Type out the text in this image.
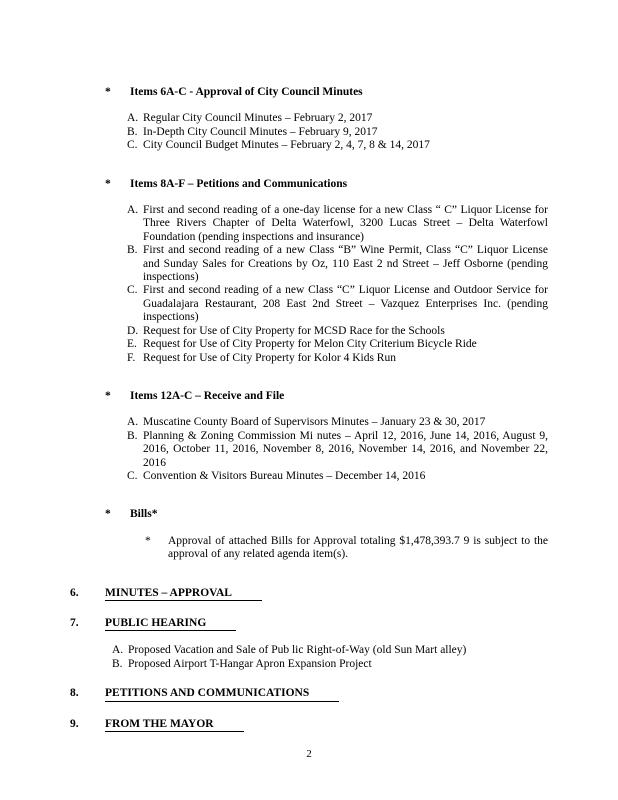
*	Items 6A-C - Approval of City Council Minutes
A. Regular City Council Minutes – February 2, 2017
B. In-Depth City Council Minutes – February 9, 2017
C. City Council Budget Minutes – February 2, 4, 7, 8 & 14, 2017
*	Items 8A-F – Petitions and Communications
A. First and second reading of a one-day license for a new Class “ C” Liquor License for Three Rivers Chapter of Delta Waterfowl, 3200 Lucas Street – Delta Waterfowl Foundation (pending inspections and insurance)
B. First and second reading of a new Class “B” Wine Permit, Class “C” Liquor License and Sunday Sales for Creations by Oz, 110 East 2 nd Street – Jeff Osborne (pending inspections)
C. First and second reading of a new Class “C” Liquor License and Outdoor Service for Guadalajara Restaurant, 208 East 2nd Street – Vazquez Enterprises Inc. (pending inspections)
D. Request for Use of City Property for MCSD Race for the Schools
E. Request for Use of City Property for Melon City Criterium Bicycle Ride
F. Request for Use of City Property for Kolor 4 Kids Run
*	Items 12A-C – Receive and File
A. Muscatine County Board of Supervisors Minutes – January 23 & 30, 2017
B. Planning & Zoning Commission Mi nutes – April 12, 2016, June 14, 2016, August 9, 2016, October 11, 2016, November 8, 2016, November 14, 2016, and November 22, 2016
C. Convention & Visitors Bureau Minutes – December 14, 2016
*	Bills*
*	Approval of attached Bills for Approval totaling $1,478,393.7 9 is subject to the approval of any related agenda item(s).
6.	MINUTES – APPROVAL
7.	PUBLIC HEARING
A. Proposed Vacation and Sale of Pub lic Right-of-Way (old Sun Mart alley)
B. Proposed Airport T-Hangar Apron Expansion Project
8.	PETITIONS AND COMMUNICATIONS
9.	FROM THE MAYOR
2
